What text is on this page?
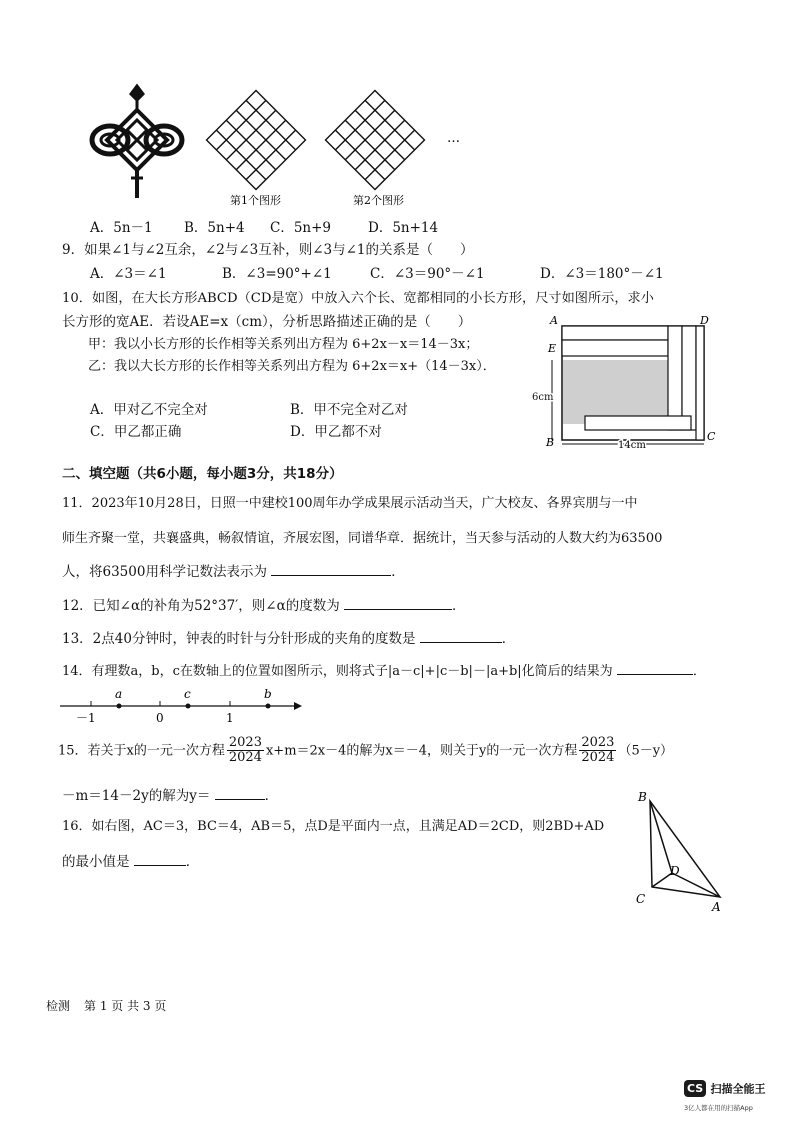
第1个图形	第2个图形
…
A．5n－1 B．5n+4 C．5n+9	D．5n+14
9．如果∠1与∠2互余，∠2与∠3互补，则∠3与∠1的关系是（　　）
A．∠3＝∠1	B．∠3=90°+∠1	C．∠3＝90°－∠1	D．∠3＝180°－∠1
10．如图，在大长方形ABCD（CD是宽）中放入六个长、宽都相同的小长方形，尺寸如图所示，求小
长方形的宽AE．若设AE=x（cm），分析思路描述正确的是（　　）
甲：我以小长方形的长作相等关系列出方程为 6+2x－x＝14－3x；
乙：我以大长方形的长作相等关系列出方程为 6+2x＝x+（14－3x）．
A．甲对乙不完全对	B．甲不完全对乙对
C．甲乙都正确	D．甲乙都不对
A	D
E
B	C
6cm
14cm
二、填空题（共6小题，每小题3分，共18分）
11．2023年10月28日，日照一中建校100周年办学成果展示活动当天，广大校友、各界宾朋与一中
师生齐聚一堂，共襄盛典，畅叙情谊，齐展宏图，同谱华章．据统计，当天参与活动的人数大约为63500
人，将63500用科学记数法表示为	．
12．已知∠α的补角为52°37′，则∠α的度数为	．
13．2点40分钟时，钟表的时针与分针形成的夹角的度数是	．
14．有理数a，b，c在数轴上的位置如图所示，则将式子|a－c|+|c－b|－|a+b|化简后的结果为	．
a	c	b
－1	0	1
15．若关于x的一元一次方程 $\frac{2023}{2024} x+m=2x-4$的解为x＝－4，则关于y的一元一次方程 $\frac{2023}{2024} (5-y)$
－m＝14－2y的解为y＝	．
16．如右图，AC＝3，BC＝4，AB＝5，点D是平面内一点，且满足AD＝2CD，则2BD+AD
的最小值是	．
B
C
A
D
检测 第 1 页 共 3 页
CS 扫描全能王
3亿人都在用的扫描App
